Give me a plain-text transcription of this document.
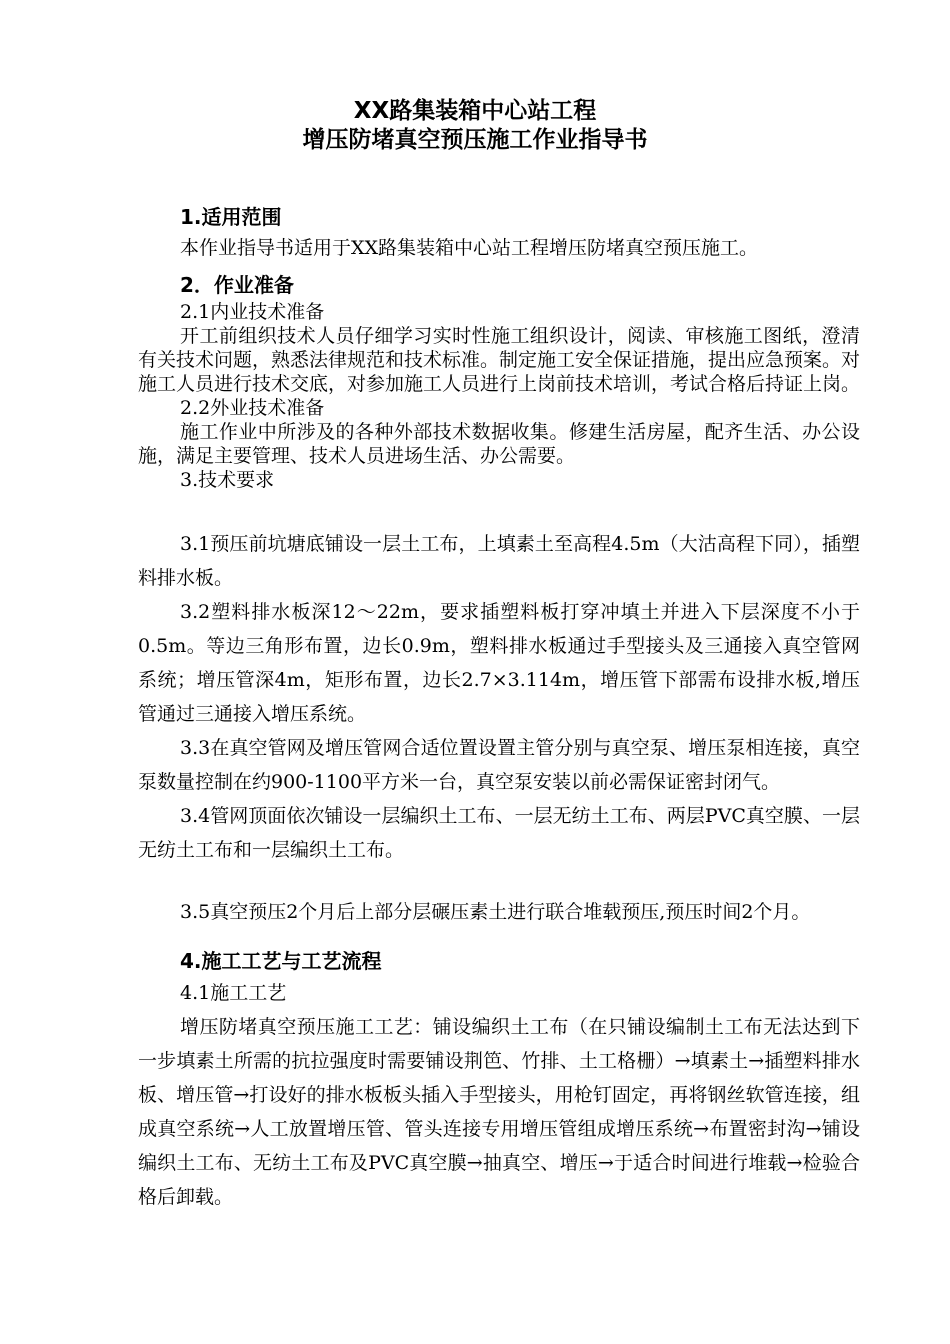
XX路集装箱中心站工程
增压防堵真空预压施工作业指导书

1.适用范围

本作业指导书适用于XX路集装箱中心站工程增压防堵真空预压施工。

2．作业准备

2.1内业技术准备

开工前组织技术人员仔细学习实时性施工组织设计，阅读、审核施工图纸，澄清有关技术问题，熟悉法律规范和技术标准。制定施工安全保证措施，提出应急预案。对施工人员进行技术交底，对参加施工人员进行上岗前技术培训，考试合格后持证上岗。

2.2外业技术准备

施工作业中所涉及的各种外部技术数据收集。修建生活房屋，配齐生活、办公设施，满足主要管理、技术人员进场生活、办公需要。

3.技术要求

3.1预压前坑塘底铺设一层土工布，上填素土至高程4.5m（大沽高程下同），插塑料排水板。

3.2塑料排水板深12～22m，要求插塑料板打穿冲填土并进入下层深度不小于0.5m。等边三角形布置，边长0.9m，塑料排水板通过手型接头及三通接入真空管网系统；增压管深4m，矩形布置，边长2.7×3.114m，增压管下部需布设排水板,增压管通过三通接入增压系统。

3.3在真空管网及增压管网合适位置设置主管分别与真空泵、增压泵相连接，真空泵数量控制在约900-1100平方米一台，真空泵安装以前必需保证密封闭气。

3.4管网顶面依次铺设一层编织土工布、一层无纺土工布、两层PVC真空膜、一层无纺土工布和一层编织土工布。

3.5真空预压2个月后上部分层碾压素土进行联合堆载预压,预压时间2个月。

4.施工工艺与工艺流程

4.1施工工艺

增压防堵真空预压施工工艺：铺设编织土工布（在只铺设编制土工布无法达到下一步填素土所需的抗拉强度时需要铺设荆笆、竹排、土工格栅）→填素土→插塑料排水板、增压管→打设好的排水板板头插入手型接头，用枪钉固定，再将钢丝软管连接，组成真空系统→人工放置增压管、管头连接专用增压管组成增压系统→布置密封沟→铺设编织土工布、无纺土工布及PVC真空膜→抽真空、增压→于适合时间进行堆载→检验合格后卸载。
